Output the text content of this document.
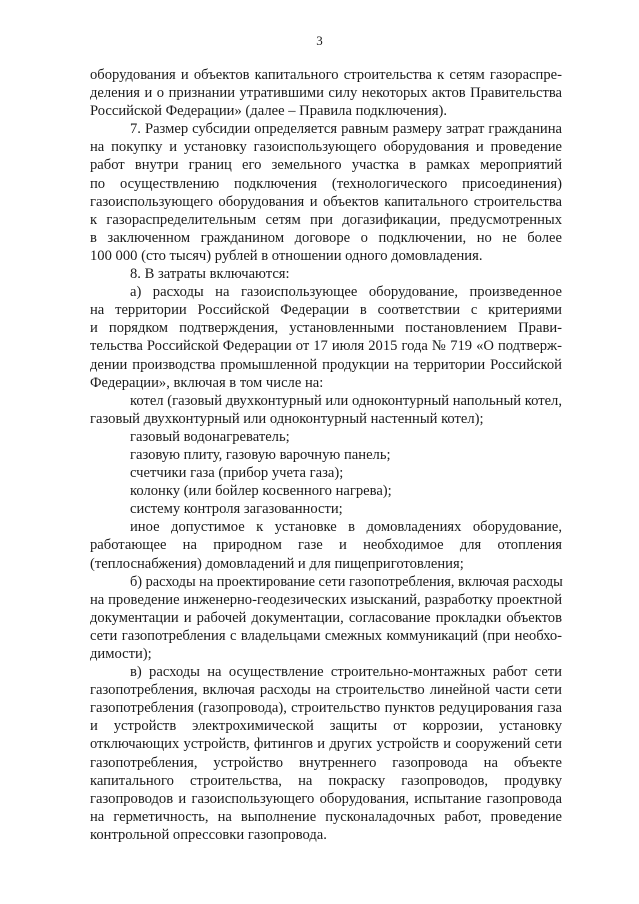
3
оборудования и объектов капитального строительства к сетям газораспре-
деления и о признании утратившими силу некоторых актов Правительства
Российской Федерации» (далее – Правила подключения).
7. Размер субсидии определяется равным размеру затрат гражданина
на покупку и установку газоиспользующего оборудования и проведение
работ внутри границ его земельного участка в рамках мероприятий
по осуществлению подключения (технологического присоединения)
газоиспользующего оборудования и объектов капитального строительства
к газораспределительным сетям при догазификации, предусмотренных
в заключенном гражданином договоре о подключении, но не более
100 000 (сто тысяч) рублей в отношении одного домовладения.
8. В затраты включаются:
а) расходы на газоиспользующее оборудование, произведенное
на территории Российской Федерации в соответствии с критериями
и порядком подтверждения, установленными постановлением Прави-
тельства Российской Федерации от 17 июля 2015 года № 719 «О подтверж-
дении производства промышленной продукции на территории Российской
Федерации», включая в том числе на:
котел (газовый двухконтурный или одноконтурный напольный котел,
газовый двухконтурный или одноконтурный настенный котел);
газовый водонагреватель;
газовую плиту, газовую варочную панель;
счетчики газа (прибор учета газа);
колонку (или бойлер косвенного нагрева);
систему контроля загазованности;
иное допустимое к установке в домовладениях оборудование,
работающее на природном газе и необходимое для отопления
(теплоснабжения) домовладений и для пищеприготовления;
б) расходы на проектирование сети газопотребления, включая расходы
на проведение инженерно-геодезических изысканий, разработку проектной
документации и рабочей документации, согласование прокладки объектов
сети газопотребления с владельцами смежных коммуникаций (при необхо-
димости);
в) расходы на осуществление строительно-монтажных работ сети
газопотребления, включая расходы на строительство линейной части сети
газопотребления (газопровода), строительство пунктов редуцирования газа
и устройств электрохимической защиты от коррозии, установку
отключающих устройств, фитингов и других устройств и сооружений сети
газопотребления, устройство внутреннего газопровода на объекте
капитального строительства, на покраску газопроводов, продувку
газопроводов и газоиспользующего оборудования, испытание газопровода
на герметичность, на выполнение пусконаладочных работ, проведение
контрольной опрессовки газопровода.
